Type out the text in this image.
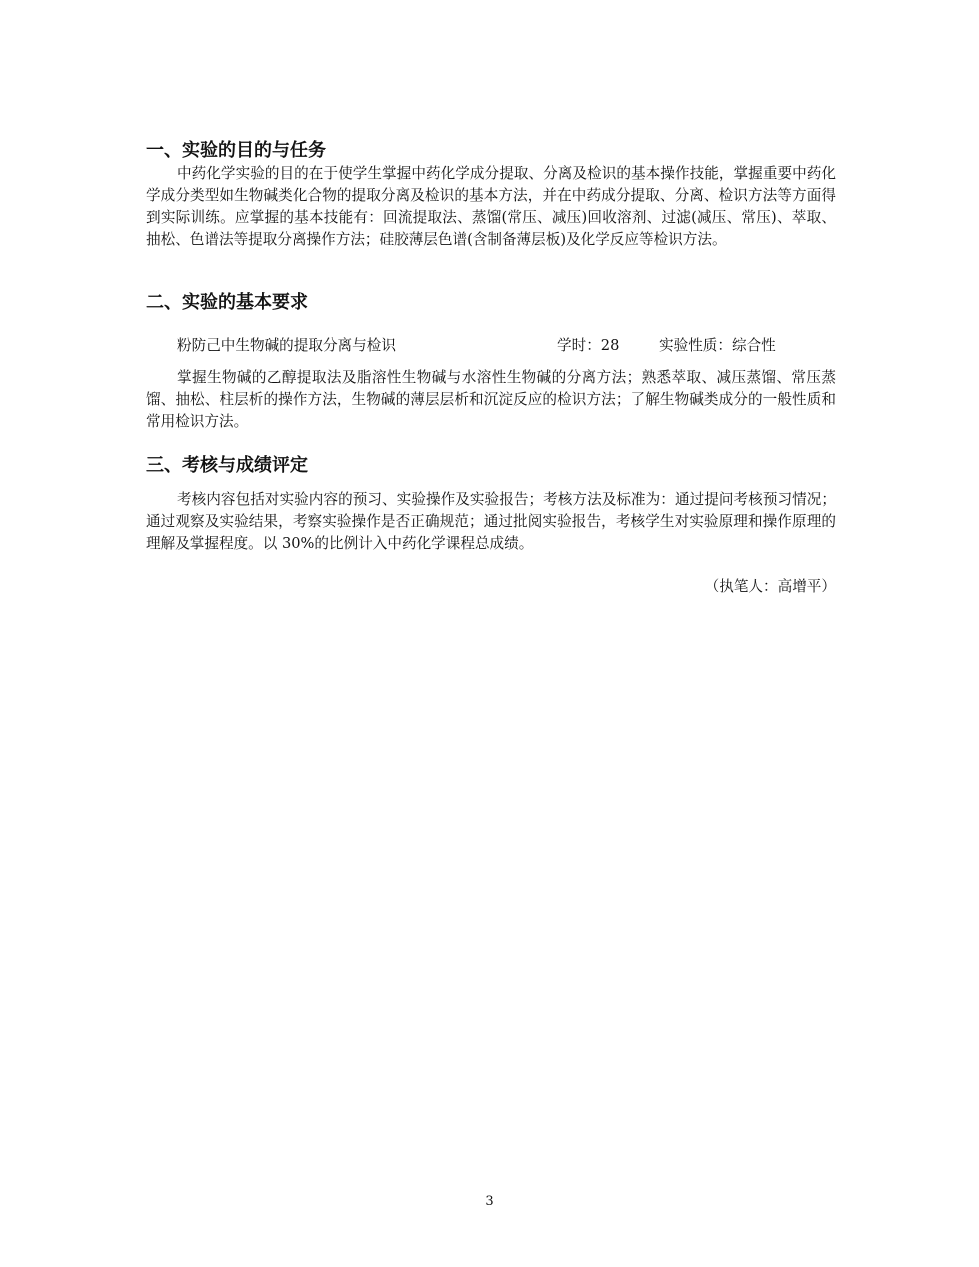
一、实验的目的与任务

中药化学实验的目的在于使学生掌握中药化学成分提取、分离及检识的基本操作技能，掌握重要中药化学成分类型如生物碱类化合物的提取分离及检识的基本方法，并在中药成分提取、分离、检识方法等方面得到实际训练。应掌握的基本技能有：回流提取法、蒸馏(常压、减压)回收溶剂、过滤(减压、常压)、萃取、抽松、色谱法等提取分离操作方法；硅胶薄层色谱(含制备薄层板)及化学反应等检识方法。

二、实验的基本要求
粉防己中生物碱的提取分离与检识	学时：28	实验性质：综合性

掌握生物碱的乙醇提取法及脂溶性生物碱与水溶性生物碱的分离方法；熟悉萃取、减压蒸馏、常压蒸馏、抽松、柱层析的操作方法，生物碱的薄层层析和沉淀反应的检识方法；了解生物碱类成分的一般性质和常用检识方法。

三、考核与成绩评定

考核内容包括对实验内容的预习、实验操作及实验报告；考核方法及标准为：通过提问考核预习情况；通过观察及实验结果，考察实验操作是否正确规范；通过批阅实验报告，考核学生对实验原理和操作原理的理解及掌握程度。以 30%的比例计入中药化学课程总成绩。

（执笔人：高增平）
3
